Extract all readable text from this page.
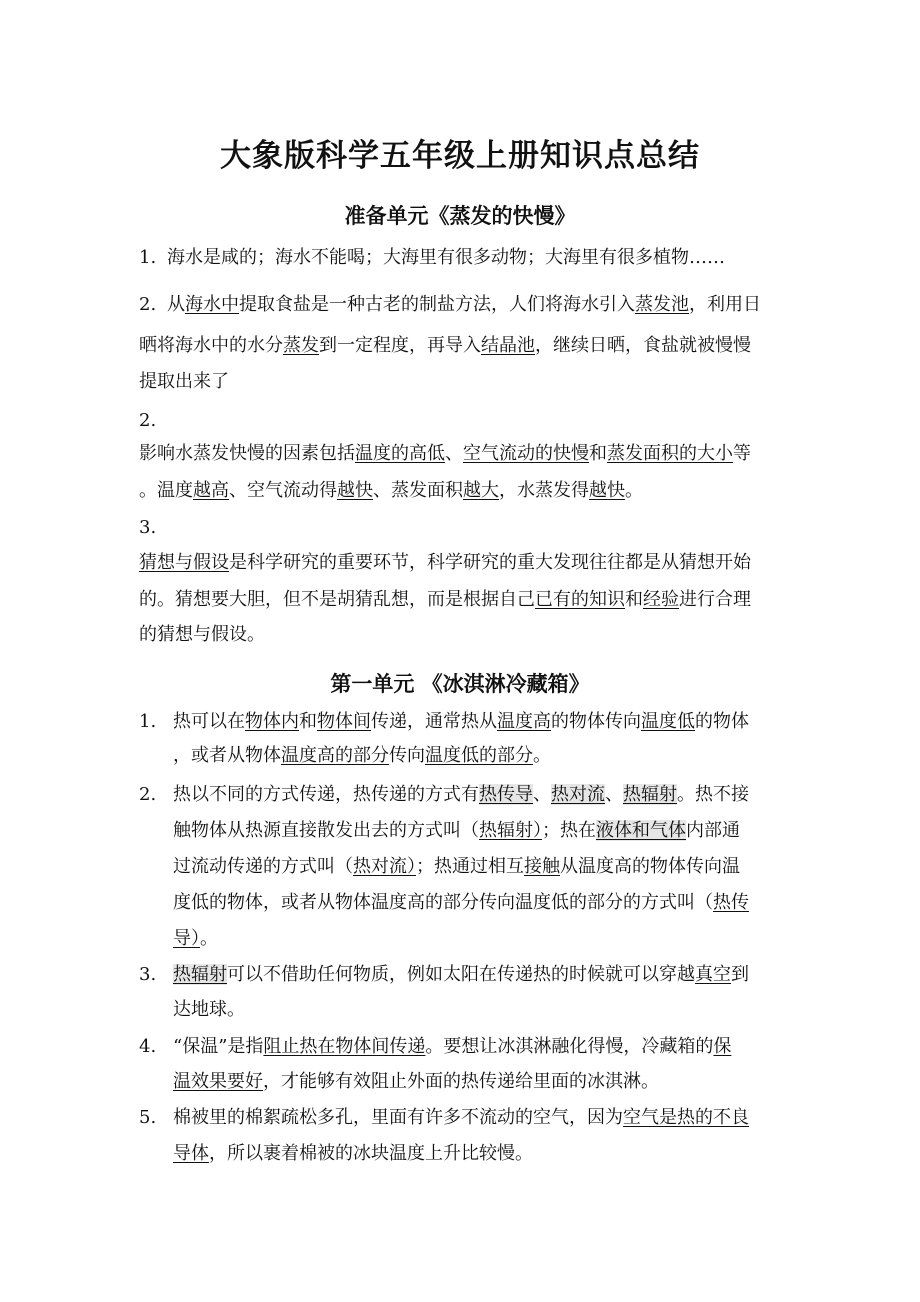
大象版科学五年级上册知识点总结
准备单元《蒸发的快慢》
1. 海水是咸的；海水不能喝；大海里有很多动物；大海里有很多植物……
2. 从海水中提取食盐是一种古老的制盐方法，人们将海水引入蒸发池，利用日
晒将海水中的水分蒸发到一定程度，再导入结晶池，继续日晒，食盐就被慢慢
提取出来了
2.
影响水蒸发快慢的因素包括温度的高低、空气流动的快慢和蒸发面积的大小等
。温度越高、空气流动得越快、蒸发面积越大，水蒸发得越快。
3.
猜想与假设是科学研究的重要环节，科学研究的重大发现往往都是从猜想开始
的。猜想要大胆，但不是胡猜乱想，而是根据自己已有的知识和经验进行合理
的猜想与假设。
第一单元 《冰淇淋冷藏箱》
1. 热可以在物体内和物体间传递，通常热从温度高的物体传向温度低的物体
，或者从物体温度高的部分传向温度低的部分。
2. 热以不同的方式传递，热传递的方式有热传导、热对流、热辐射。热不接
触物体从热源直接散发出去的方式叫（热辐射）；热在液体和气体内部通
过流动传递的方式叫（热对流）；热通过相互接触从温度高的物体传向温
度低的物体，或者从物体温度高的部分传向温度低的部分的方式叫（热传
导）。
3. 热辐射可以不借助任何物质，例如太阳在传递热的时候就可以穿越真空到
达地球。
4. “保温”是指阻止热在物体间传递。要想让冰淇淋融化得慢，冷藏箱的保
温效果要好，才能够有效阻止外面的热传递给里面的冰淇淋。
5. 棉被里的棉絮疏松多孔，里面有许多不流动的空气，因为空气是热的不良
导体，所以裹着棉被的冰块温度上升比较慢。
